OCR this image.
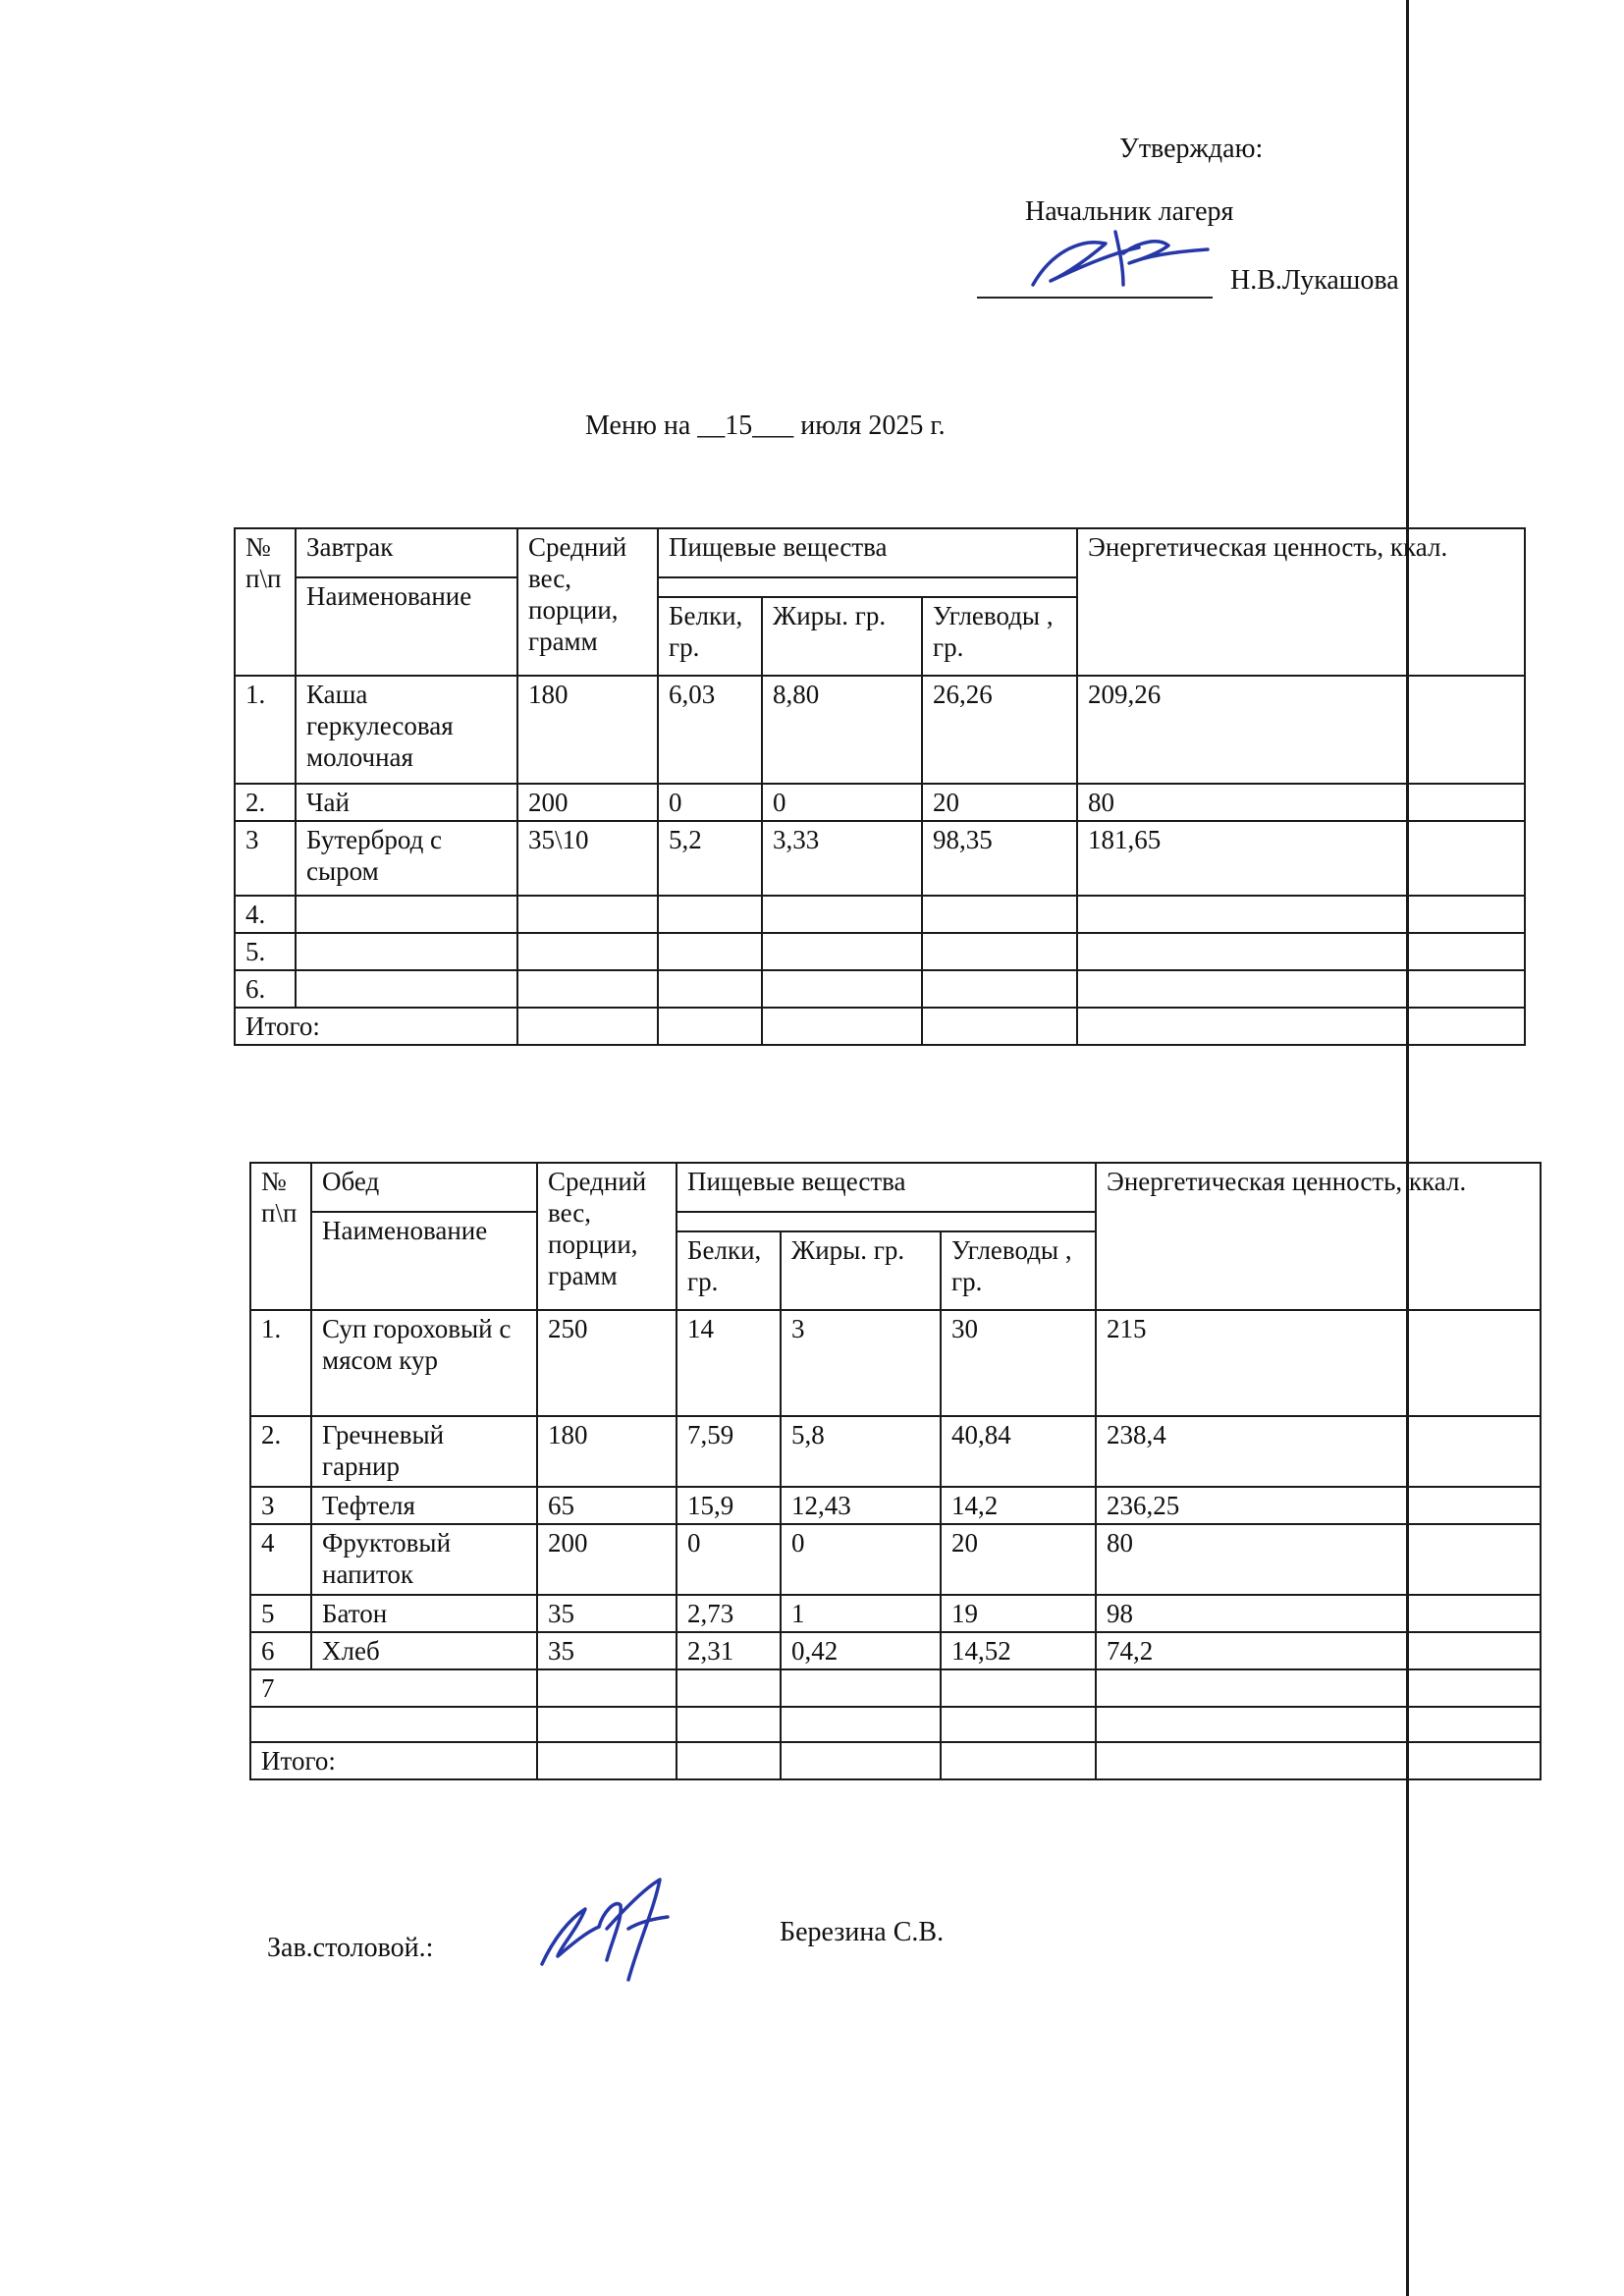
Утверждаю:
Начальник лагеря
Н.В.Лукашова
Меню на __15___ июля 2025 г.
№ п\п	Завтрак	Средний вес, порции, грамм	Пищевые вещества			Энергетическая ценность, ккал.
	Наименование					
			Белки, гр.	Жиры. гр.	Углеводы , гр.	
1.	Каша геркулесовая молочная	180	6,03	8,80	26,26	209,26
2.	Чай	200	0	0	20	80
3	Бутерброд с сыром	35\10	5,2	3,33	98,35	181,65
4.						
5.						
6.						
Итого:						
№ п\п	Обед	Средний вес, порции, грамм	Пищевые вещества			Энергетическая ценность, ккал.
	Наименование					
			Белки, гр.	Жиры. гр.	Углеводы , гр.	
1.	Суп гороховый с мясом кур	250	14	3	30	215
2.	Гречневый гарнир	180	7,59	5,8	40,84	238,4
3	Тефтеля	65	15,9	12,43	14,2	236,25
4	Фруктовый напиток	200	0	0	20	80
5	Батон	35	2,73	1	19	98
6	Хлеб	35	2,31	0,42	14,52	74,2
7						

Итого:						
Зав.столовой.:
Березина С.В.
